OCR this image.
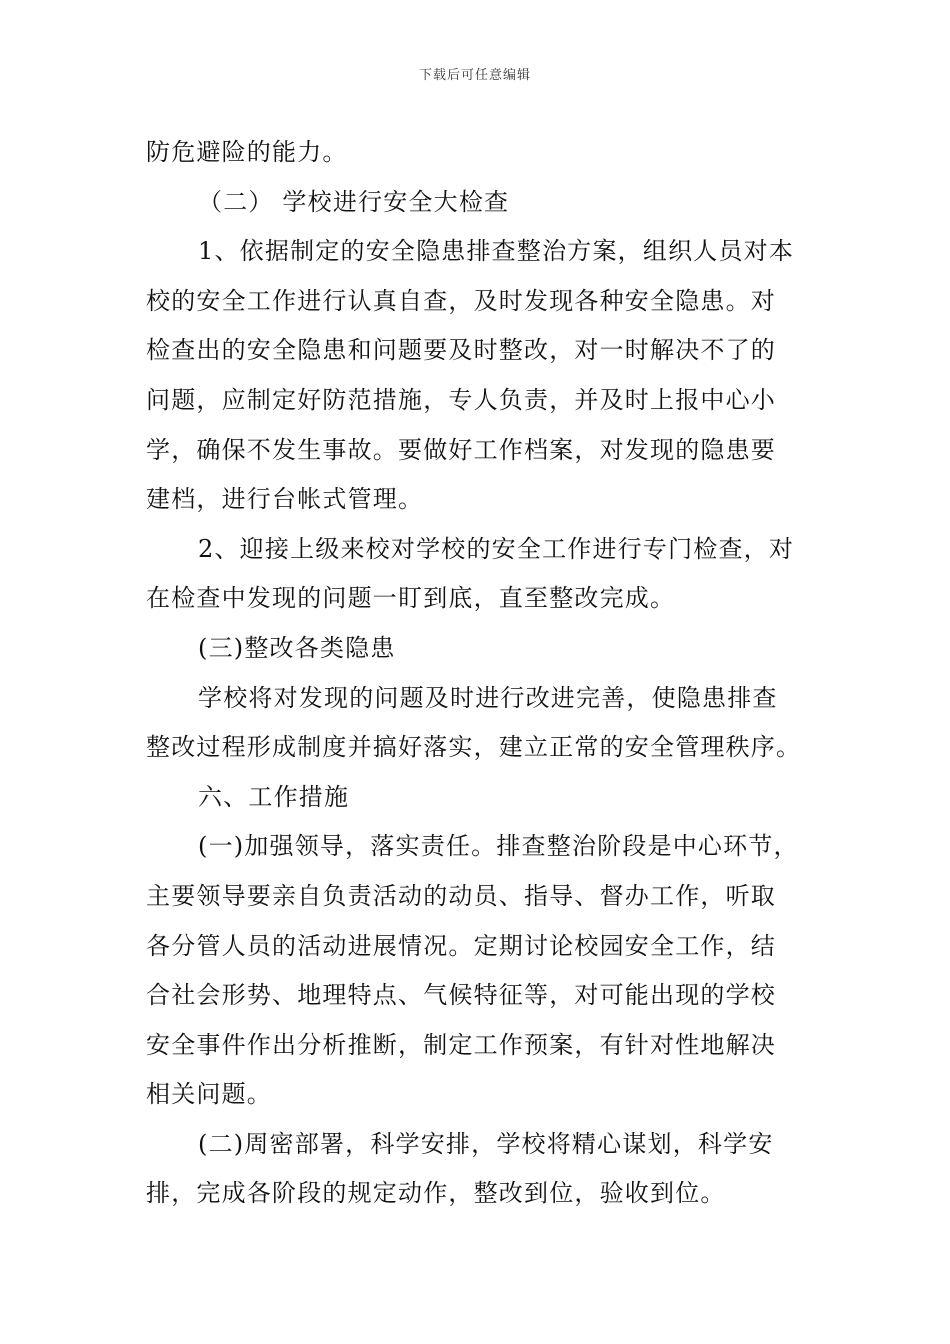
下载后可任意编辑
防危避险的能力。
（二） 学校进行安全大检查
1、依据制定的安全隐患排查整治方案，组织人员对本
校的安全工作进行认真自查，及时发现各种安全隐患。对
检查出的安全隐患和问题要及时整改，对一时解决不了的
问题，应制定好防范措施，专人负责，并及时上报中心小
学，确保不发生事故。要做好工作档案，对发现的隐患要
建档，进行台帐式管理。
2、迎接上级来校对学校的安全工作进行专门检查，对
在检查中发现的问题一盯到底，直至整改完成。
(三)整改各类隐患
学校将对发现的问题及时进行改进完善，使隐患排查
整改过程形成制度并搞好落实，建立正常的安全管理秩序。
六、工作措施
(一)加强领导，落实责任。排查整治阶段是中心环节，
主要领导要亲自负责活动的动员、指导、督办工作，听取
各分管人员的活动进展情况。定期讨论校园安全工作，结
合社会形势、地理特点、气候特征等，对可能出现的学校
安全事件作出分析推断，制定工作预案，有针对性地解决
相关问题。
(二)周密部署，科学安排，学校将精心谋划，科学安
排，完成各阶段的规定动作，整改到位，验收到位。
